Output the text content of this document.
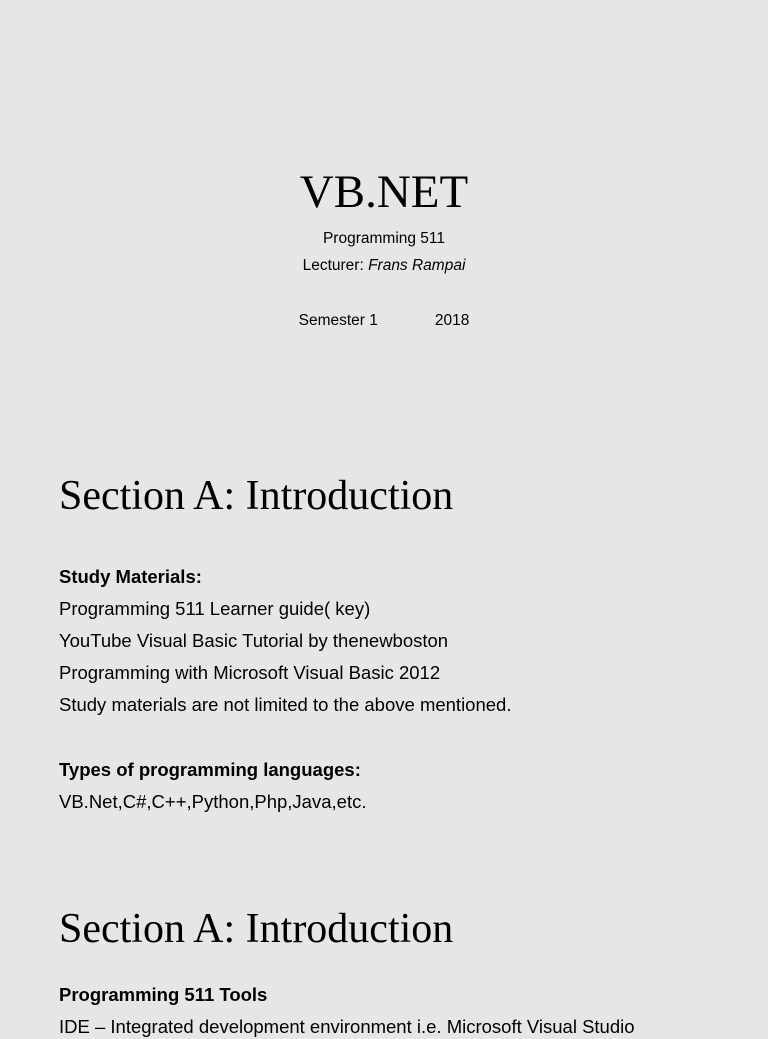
VB.NET
Programming 511
Lecturer: Frans Rampai
Semester 1	2018
Section A: Introduction
Study Materials:
Programming 511 Learner guide( key)
YouTube Visual Basic Tutorial by thenewboston
Programming with Microsoft Visual Basic 2012
Study materials are not limited to the above mentioned.
Types of programming languages:
VB.Net,C#,C++,Python,Php,Java,etc.
Section A: Introduction
Programming 511 Tools
IDE – Integrated development environment i.e. Microsoft Visual Studio
